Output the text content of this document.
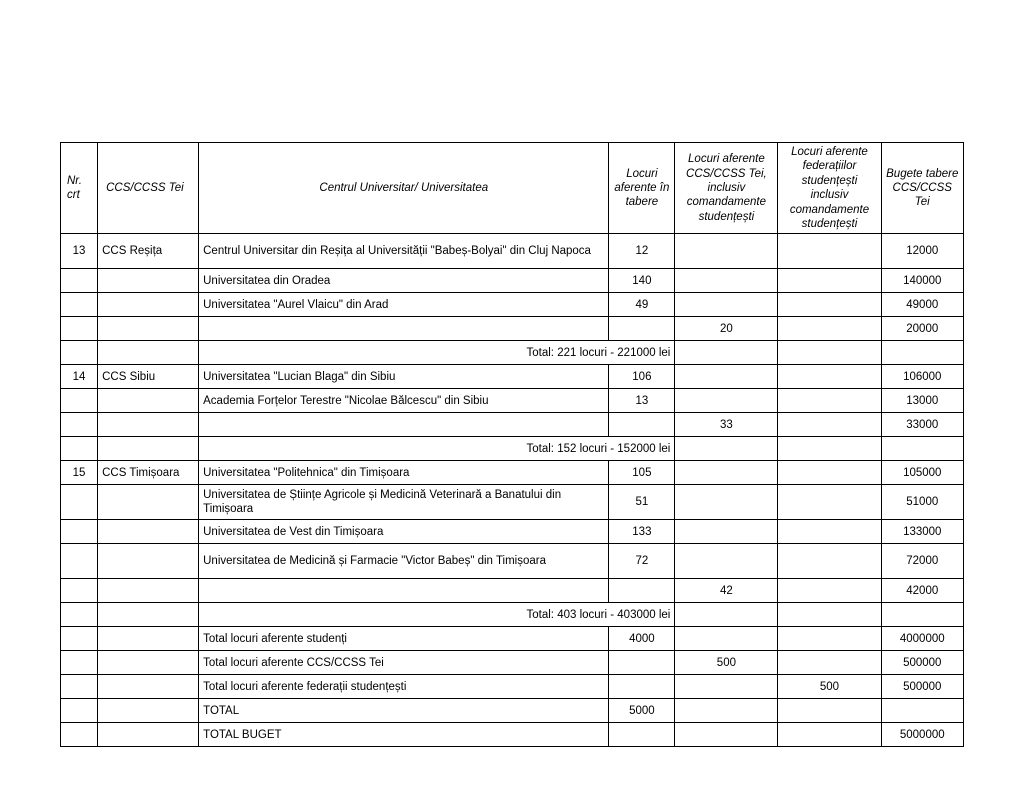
Nr. crt	CCS/CCSS Tei	Centrul Universitar/ Universitatea	Locuri aferente în tabere	Locuri aferente CCS/CCSS Tei, inclusiv comandamente studențești	Locuri aferente federațiilor studențești inclusiv comandamente studențești	Bugete tabere CCS/CCSS Tei
13	CCS Reșița	Centrul Universitar din Reșița al Universității "Babeș-Bolyai" din Cluj Napoca	12			12000
		Universitatea din Oradea	140			140000
		Universitatea "Aurel Vlaicu" din Arad	49			49000
				20		20000
		Total: 221 locuri - 221000 lei				
14	CCS Sibiu	Universitatea "Lucian Blaga" din Sibiu	106			106000
		Academia Forțelor Terestre "Nicolae Bălcescu" din Sibiu	13			13000
				33		33000
		Total: 152 locuri - 152000 lei				
15	CCS Timișoara	Universitatea "Politehnica" din Timișoara	105			105000
		Universitatea de Științe Agricole și Medicină Veterinară a Banatului din Timișoara	51			51000
		Universitatea de Vest din Timișoara	133			133000
		Universitatea de Medicină și Farmacie "Victor Babeș" din Timișoara	72			72000
				42		42000
		Total: 403 locuri - 403000 lei				
		Total locuri aferente studenți	4000			4000000
		Total locuri aferente CCS/CCSS Tei		500		500000
		Total locuri aferente federații studențești			500	500000
		TOTAL	5000			
		TOTAL BUGET				5000000
